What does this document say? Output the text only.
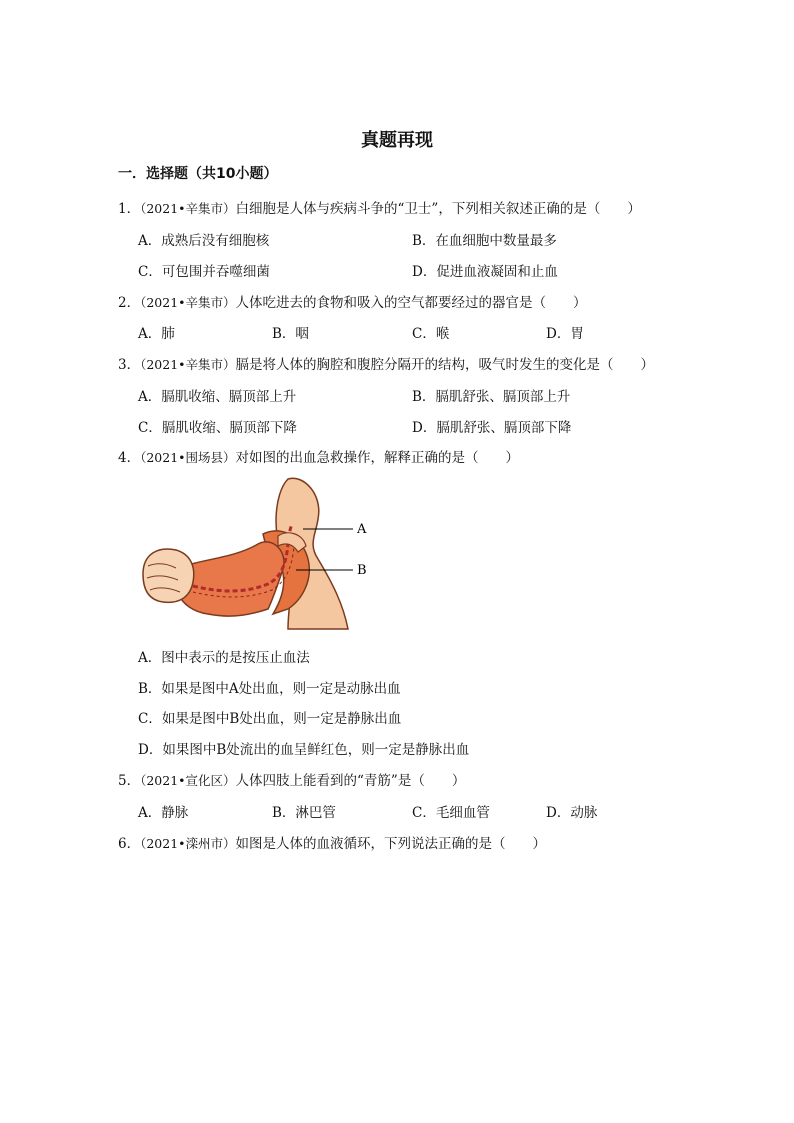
真题再现
一．选择题（共10小题）
1．（2021•辛集市）白细胞是人体与疾病斗争的“卫士”，下列相关叙述正确的是（　　）
A．成熟后没有细胞核	B．在血细胞中数量最多
C．可包围并吞噬细菌	D．促进血液凝固和止血
2．（2021•辛集市）人体吃进去的食物和吸入的空气都要经过的器官是（　　）
A．肺	B．咽	C．喉	D．胃
3．（2021•辛集市）膈是将人体的胸腔和腹腔分隔开的结构，吸气时发生的变化是（　　）
A．膈肌收缩、膈顶部上升	B．膈肌舒张、膈顶部上升
C．膈肌收缩、膈顶部下降	D．膈肌舒张、膈顶部下降
4．（2021•围场县）对如图的出血急救操作，解释正确的是（　　）
A
B
A．图中表示的是按压止血法
B．如果是图中A处出血，则一定是动脉出血
C．如果是图中B处出血，则一定是静脉出血
D．如果图中B处流出的血呈鲜红色，则一定是静脉出血
5．（2021•宣化区）人体四肢上能看到的“青筋”是（　　）
A．静脉	B．淋巴管	C．毛细血管	D．动脉
6．（2021•滦州市）如图是人体的血液循环，下列说法正确的是（　　）
